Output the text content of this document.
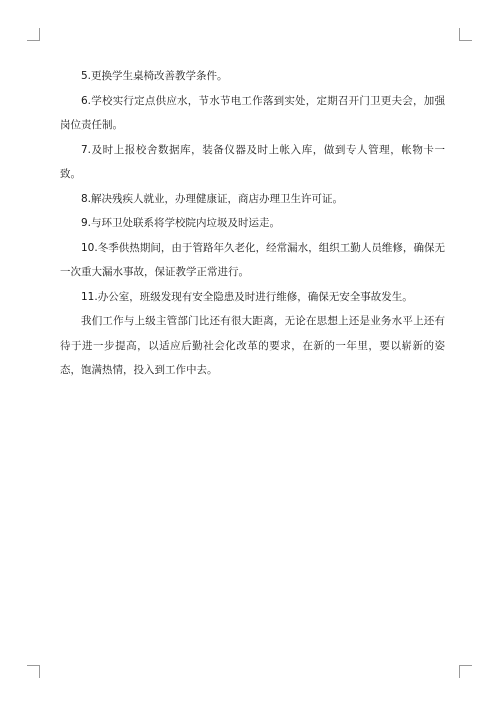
5.更换学生桌椅改善教学条件。

6.学校实行定点供应水，节水节电工作落到实处，定期召开门卫更夫会，加强岗位责任制。

7.及时上报校舍数据库，装备仪器及时上帐入库，做到专人管理，帐物卡一致。

8.解决残疾人就业，办理健康证，商店办理卫生许可证。

9.与环卫处联系将学校院内垃圾及时运走。

10.冬季供热期间，由于管路年久老化，经常漏水，组织工勤人员维修，确保无一次重大漏水事故，保证教学正常进行。

11.办公室，班级发现有安全隐患及时进行维修，确保无安全事故发生。

我们工作与上级主管部门比还有很大距离，无论在思想上还是业务水平上还有待于进一步提高，以适应后勤社会化改革的要求，在新的一年里，要以崭新的姿态，饱满热情，投入到工作中去。
